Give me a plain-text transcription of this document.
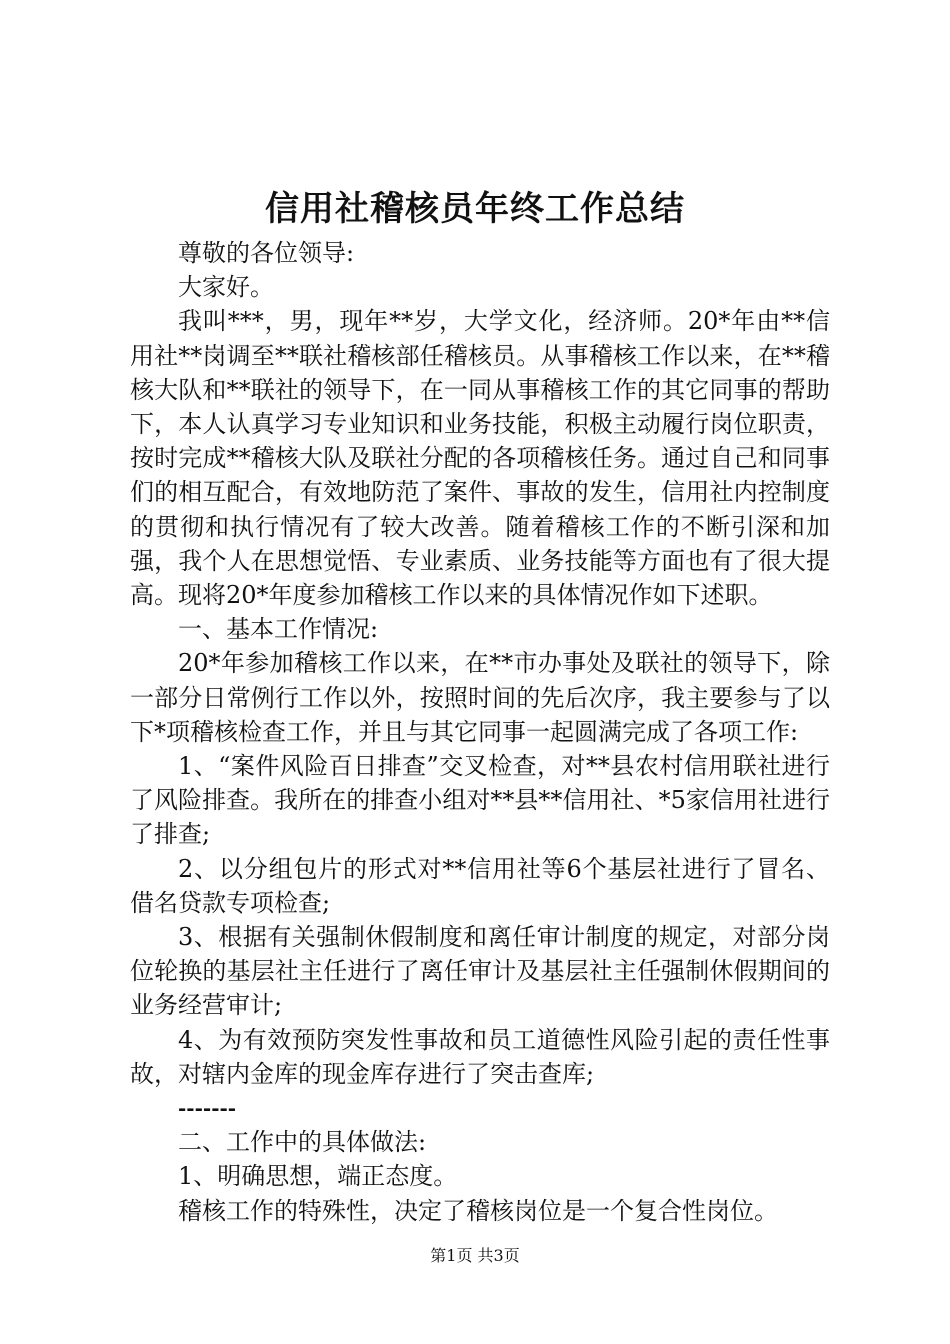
信用社稽核员年终工作总结

尊敬的各位领导:

大家好。

我叫***，男，现年**岁，大学文化，经济师。20*年由**信用社**岗调至**联社稽核部任稽核员。从事稽核工作以来，在**稽核大队和**联社的领导下，在一同从事稽核工作的其它同事的帮助下，本人认真学习专业知识和业务技能，积极主动履行岗位职责，按时完成**稽核大队及联社分配的各项稽核任务。通过自己和同事们的相互配合，有效地防范了案件、事故的发生，信用社内控制度的贯彻和执行情况有了较大改善。随着稽核工作的不断引深和加强，我个人在思想觉悟、专业素质、业务技能等方面也有了很大提高。现将20*年度参加稽核工作以来的具体情况作如下述职。

一、基本工作情况:

20*年参加稽核工作以来，在**市办事处及联社的领导下，除一部分日常例行工作以外，按照时间的先后次序，我主要参与了以下*项稽核检查工作，并且与其它同事一起圆满完成了各项工作:

1、“案件风险百日排查”交叉检查，对**县农村信用联社进行了风险排查。我所在的排查小组对**县**信用社、*5家信用社进行了排查;

2、以分组包片的形式对**信用社等6个基层社进行了冒名、借名贷款专项检查;

3、根据有关强制休假制度和离任审计制度的规定，对部分岗位轮换的基层社主任进行了离任审计及基层社主任强制休假期间的业务经营审计;

4、为有效预防突发性事故和员工道德性风险引起的责任性事故，对辖内金库的现金库存进行了突击查库;

-------

二、工作中的具体做法:

1、明确思想，端正态度。

稽核工作的特殊性，决定了稽核岗位是一个复合性岗位。

第1页 共3页
